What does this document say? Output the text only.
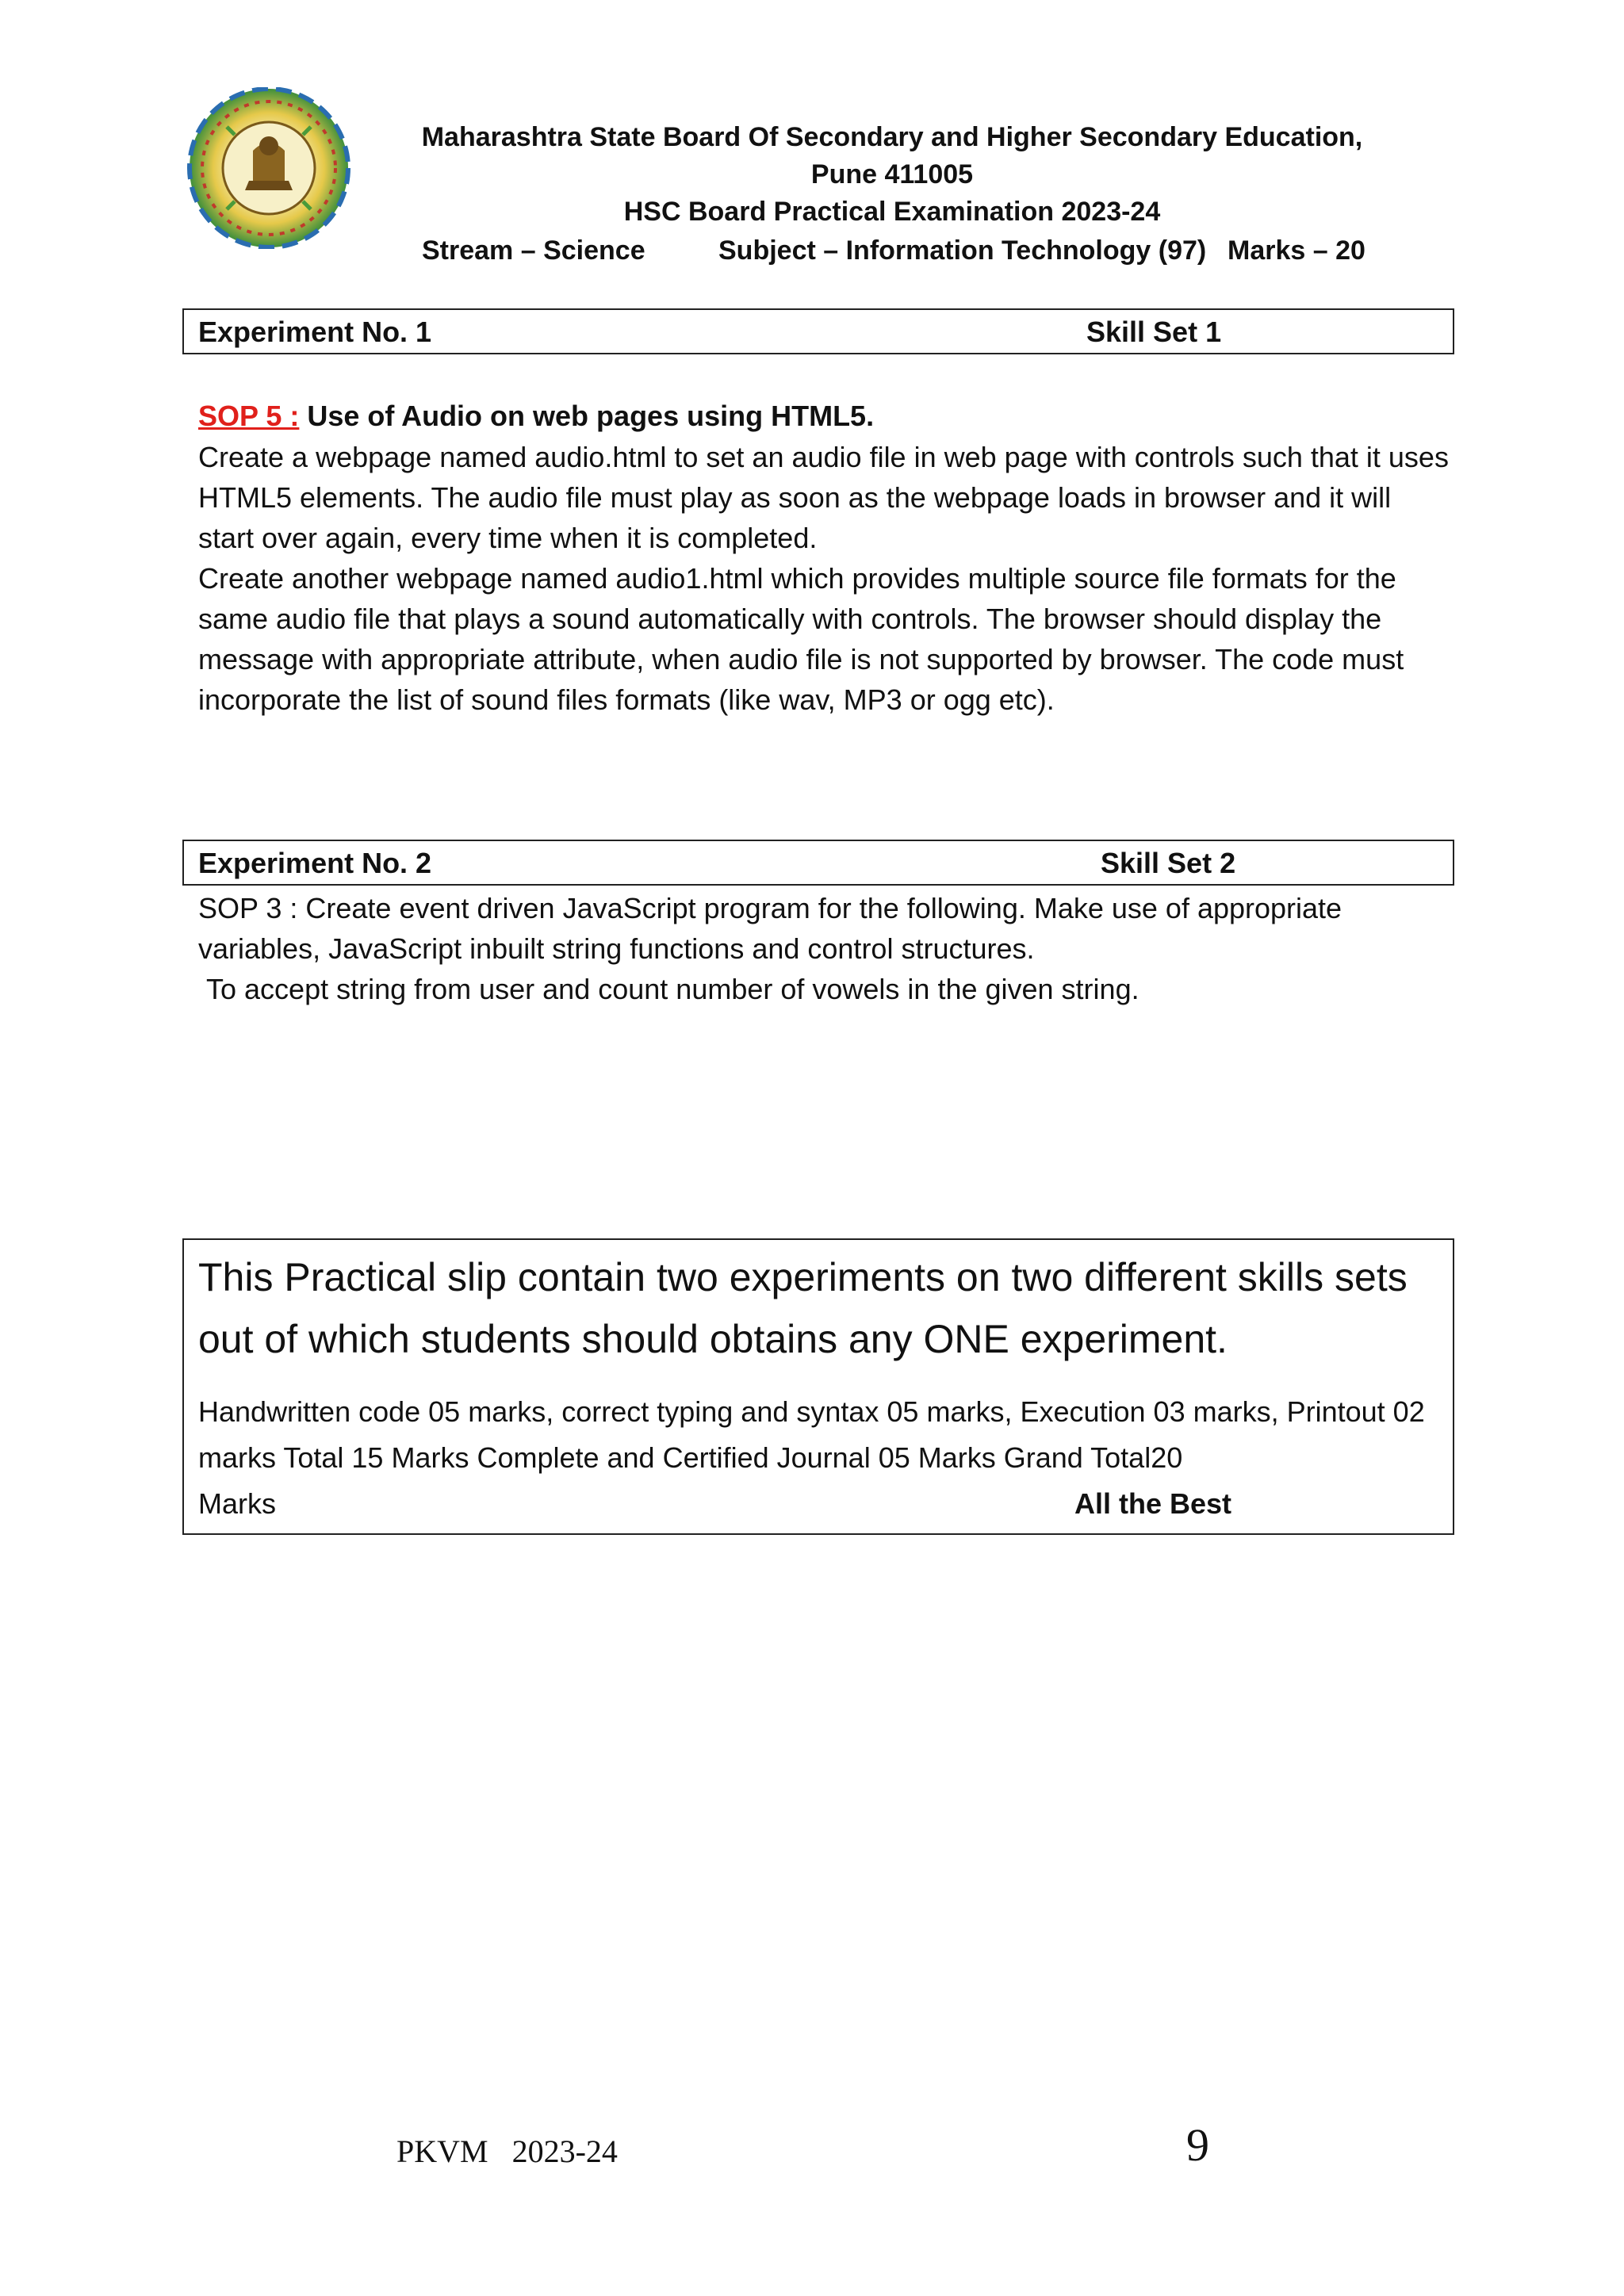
Maharashtra State Board Of Secondary and Higher Secondary Education,
Pune 411005
HSC Board Practical Examination 2023-24
Stream – Science	Subject – Information Technology (97) Marks – 20
Experiment No. 1	Skill Set 1
SOP 5 : Use of Audio on web pages using HTML5.
Create a webpage named audio.html to set an audio file in web page with controls such that it uses HTML5 elements. The audio file must play as soon as the webpage loads in browser and it will start over again, every time when it is completed.
Create another webpage named audio1.html which provides multiple source file formats for the same audio file that plays a sound automatically with controls. The browser should display the message with appropriate attribute, when audio file is not supported by browser. The code must incorporate the list of sound files formats (like wav, MP3 or ogg etc).
Experiment No. 2	Skill Set 2
SOP 3 : Create event driven JavaScript program for the following. Make use of appropriate variables, JavaScript inbuilt string functions and control structures.
To accept string from user and count number of vowels in the given string.
This Practical slip contain two experiments on two different skills sets out of which students should obtains any ONE experiment.
Handwritten code 05 marks, correct typing and syntax 05 marks, Execution 03 marks, Printout 02 marks Total 15 Marks Complete and Certified Journal 05 Marks Grand Total20
Marks	All the Best
PKVM   2023-24	9
